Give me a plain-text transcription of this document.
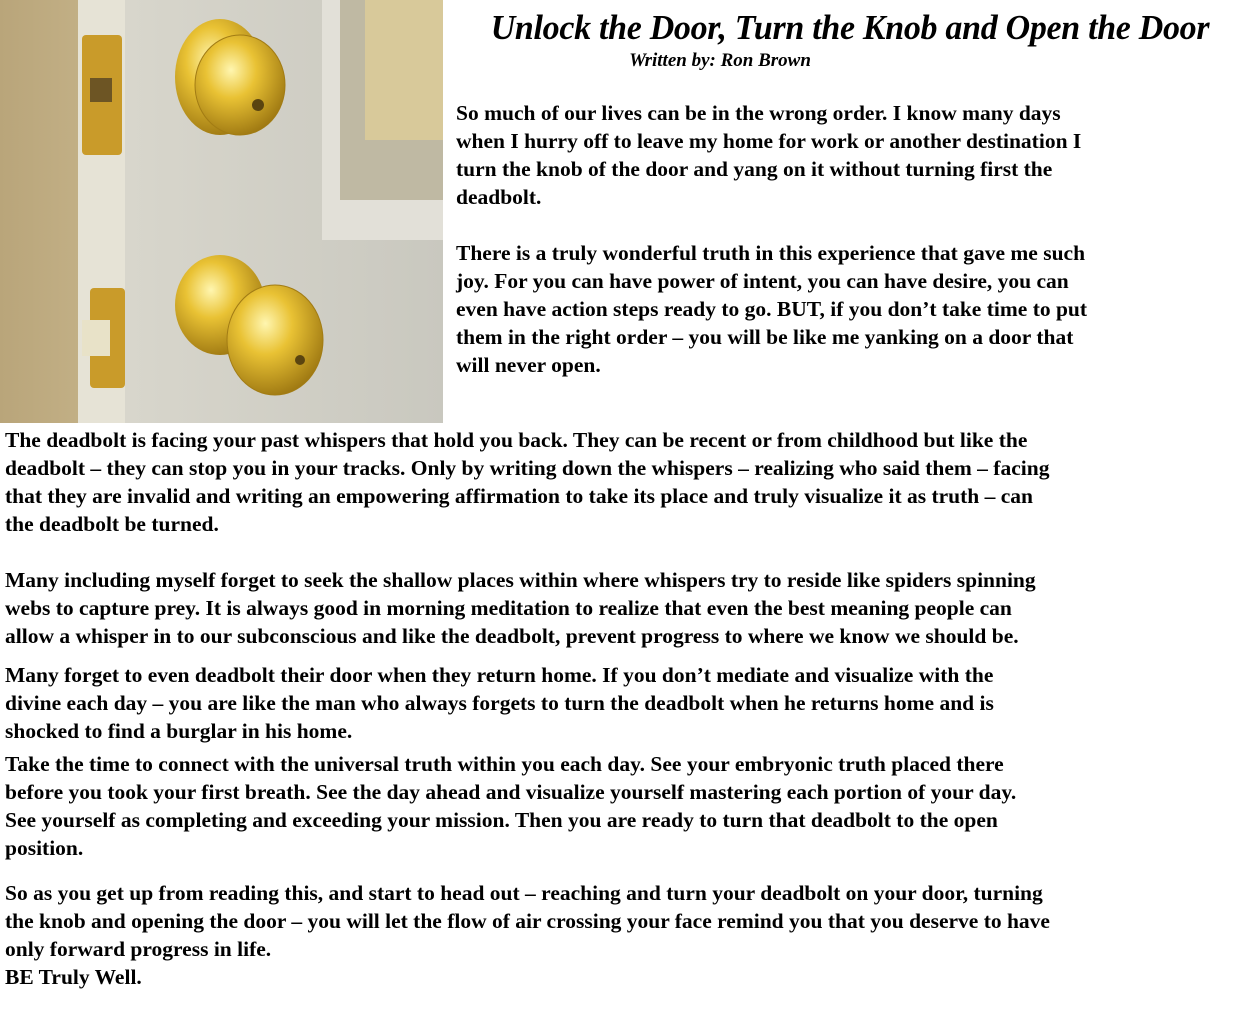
Unlock the Door, Turn the Knob and Open the Door
Written by: Ron Brown
So much of our lives can be in the wrong order. I know many days
when I hurry off to leave my home for work or another destination I
turn the knob of the door and yang on it without turning first the
deadbolt.
There is a truly wonderful truth in this experience that gave me such
joy. For you can have power of intent, you can have desire, you can
even have action steps ready to go. BUT, if you don’t take time to put
them in the right order – you will be like me yanking on a door that
will never open.
The deadbolt is facing your past whispers that hold you back. They can be recent or from childhood but like the
deadbolt – they can stop you in your tracks. Only by writing down the whispers – realizing who said them – facing
that they are invalid and writing an empowering affirmation to take its place and truly visualize it as truth – can
the deadbolt be turned.
Many including myself forget to seek the shallow places within where whispers try to reside like spiders spinning
webs to capture prey. It is always good in morning meditation to realize that even the best meaning people can
allow a whisper in to our subconscious and like the deadbolt, prevent progress to where we know we should be.
Many forget to even deadbolt their door when they return home. If you don’t mediate and visualize with the
divine each day – you are like the man who always forgets to turn the deadbolt when he returns home and is
shocked to find a burglar in his home.
Take the time to connect with the universal truth within you each day. See your embryonic truth placed there
before you took your first breath. See the day ahead and visualize yourself mastering each portion of your day.
See yourself as completing and exceeding your mission. Then you are ready to turn that deadbolt to the open
position.
So as you get up from reading this, and start to head out – reaching and turn your deadbolt on your door, turning
the knob and opening the door – you will let the flow of air crossing your face remind you that you deserve to have
only forward progress in life.
BE Truly Well.
